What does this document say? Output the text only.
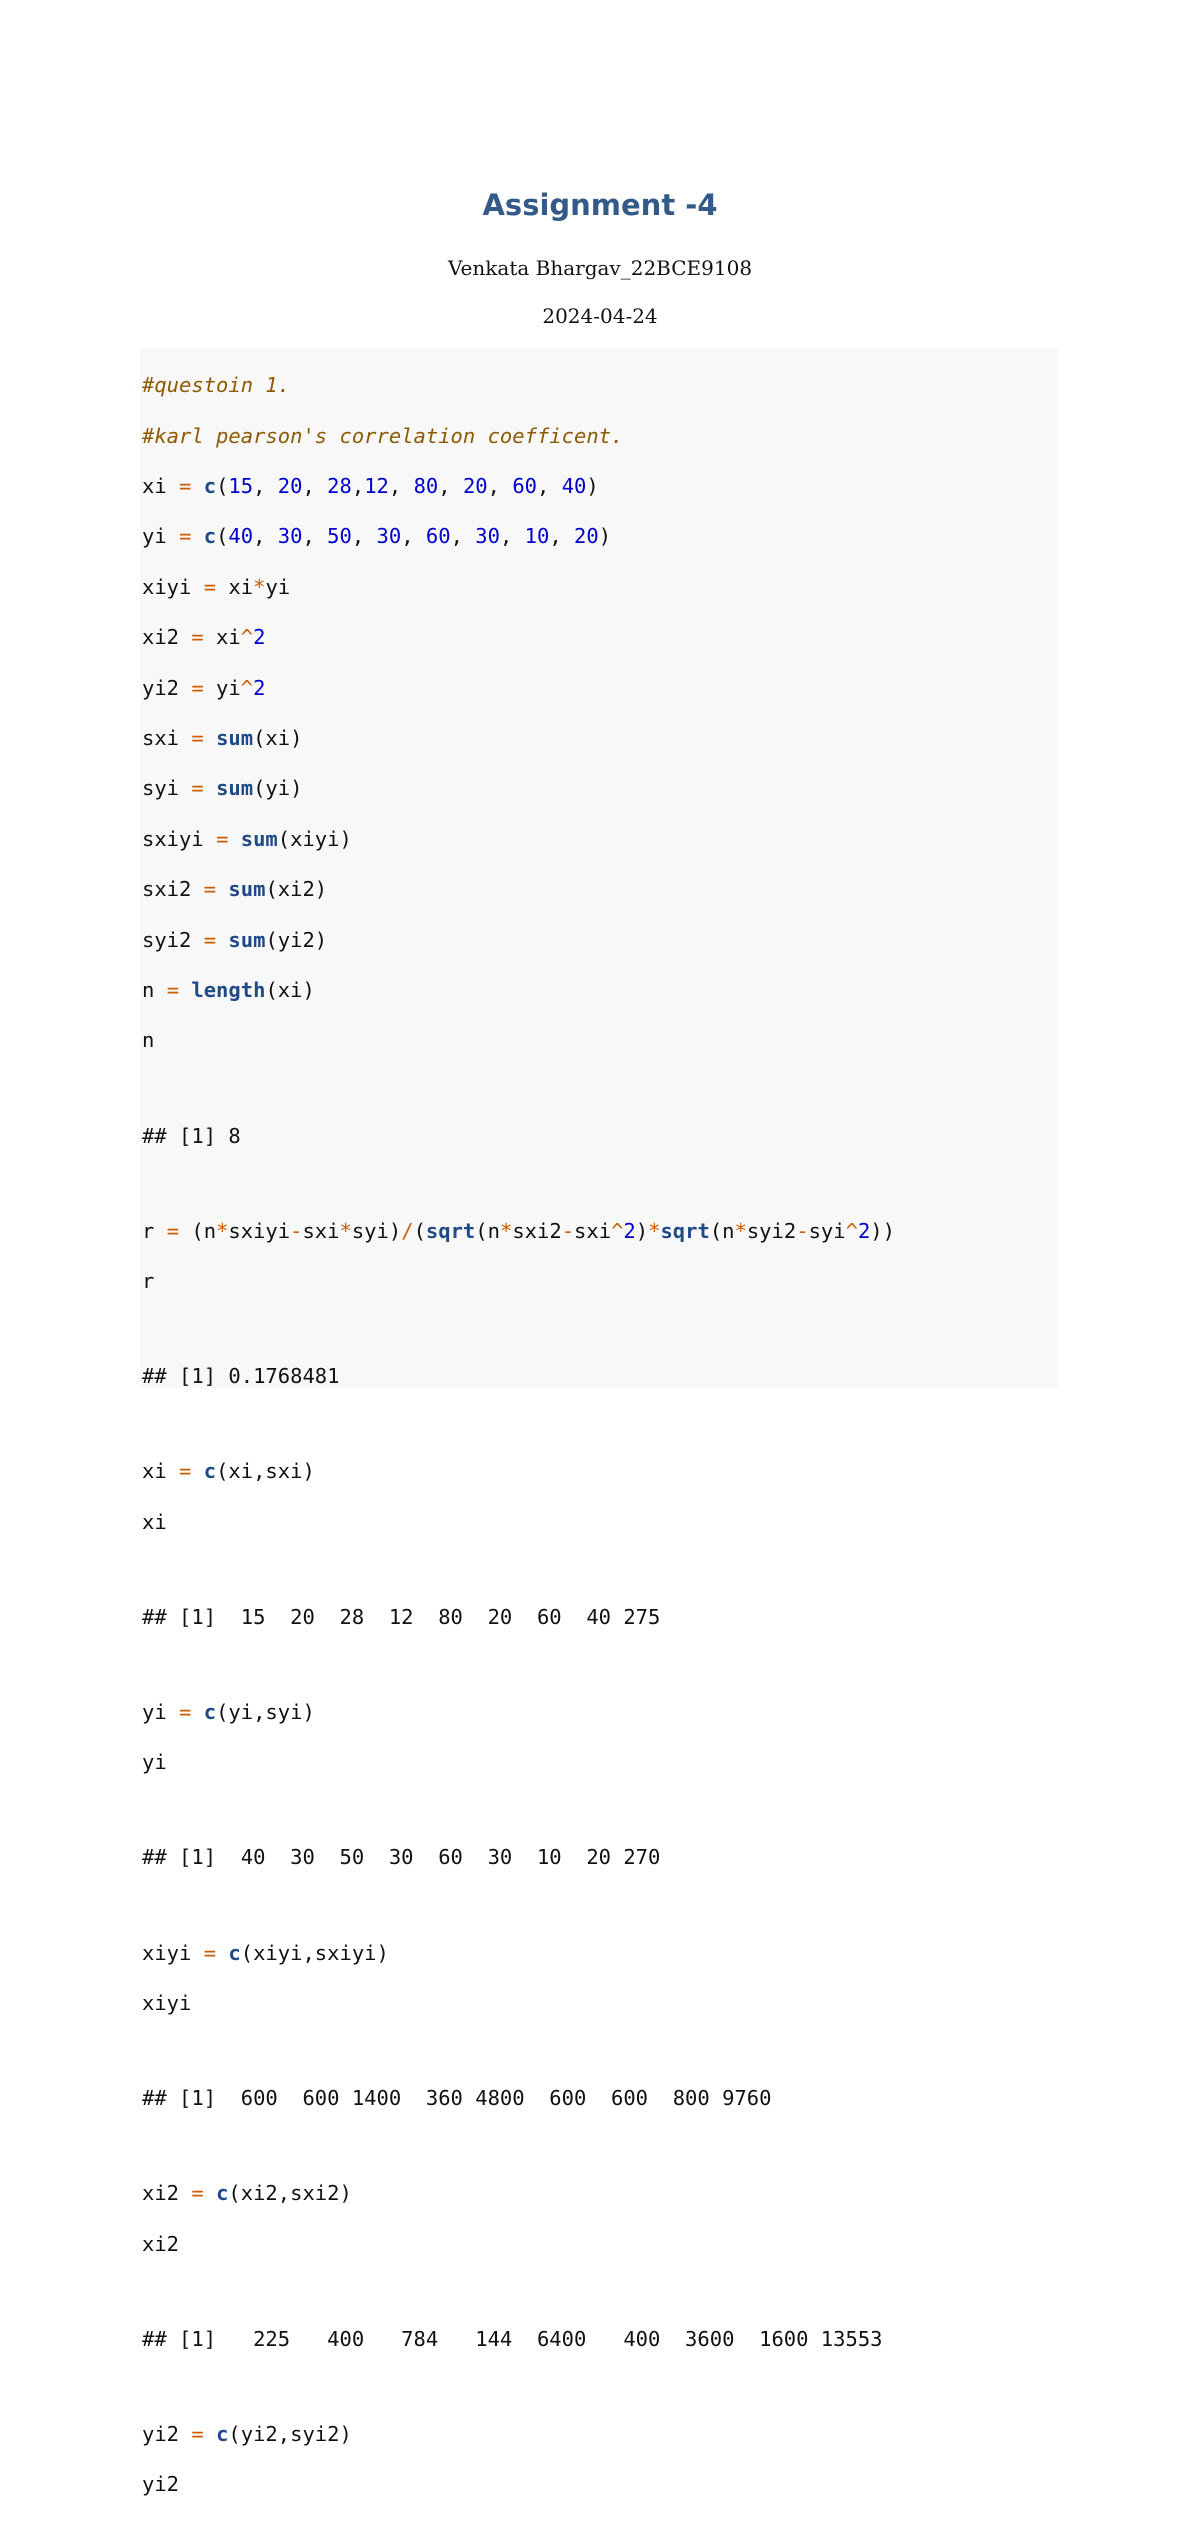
Assignment -4

Venkata Bhargav_22BCE9108

2024-04-24

#questoin 1.

#karl pearson's correlation coefficent.

xi = c(15, 20, 28,12, 80, 20, 60, 40)

yi = c(40, 30, 50, 30, 60, 30, 10, 20)

xiyi = xi*yi

xi2 = xi^2

yi2 = yi^2

sxi = sum(xi)

syi = sum(yi)

sxiyi = sum(xiyi)

sxi2 = sum(xi2)

syi2 = sum(yi2)

n = length(xi)

n

## [1] 8

r = (n*sxiyi-sxi*syi)/(sqrt(n*sxi2-sxi^2)*sqrt(n*syi2-syi^2))

r

## [1] 0.1768481

xi = c(xi,sxi)

xi

## [1]  15  20  28  12  80  20  60  40 275

yi = c(yi,syi)

yi

## [1]  40  30  50  30  60  30  10  20 270

xiyi = c(xiyi,sxiyi)

xiyi

## [1]  600  600 1400  360 4800  600  600  800 9760

xi2 = c(xi2,sxi2)

xi2

## [1]   225   400   784   144  6400   400  3600  1600 13553

yi2 = c(yi2,syi2)

yi2
